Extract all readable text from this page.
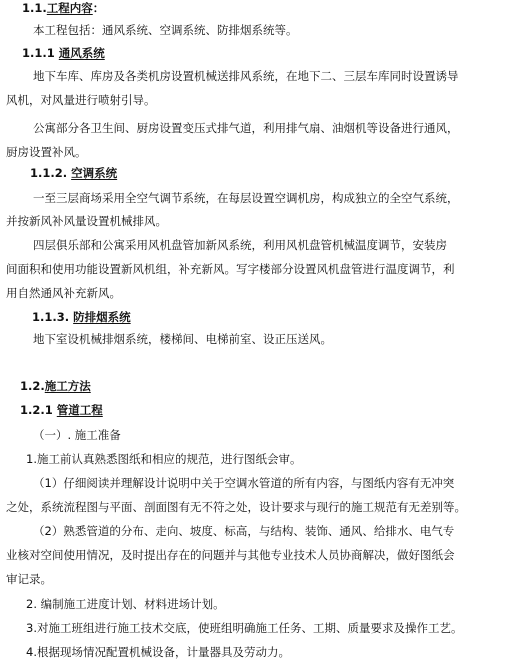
1.1.工程内容：
本工程包括：通风系统、空调系统、防排烟系统等。
1.1.1 通风系统
地下车库、库房及各类机房设置机械送排风系统，在地下二、三层车库同时设置诱导
风机，对风量进行喷射引导。
公寓部分各卫生间、厨房设置变压式排气道，利用排气扇、油烟机等设备进行通风，
厨房设置补风。
1.1.2. 空调系统
一至三层商场采用全空气调节系统，在每层设置空调机房，构成独立的全空气系统，
并按新风补风量设置机械排风。
四层俱乐部和公寓采用风机盘管加新风系统，利用风机盘管机械温度调节，安装房
间面积和使用功能设置新风机组，补充新风。写字楼部分设置风机盘管进行温度调节，利
用自然通风补充新风。
1.1.3. 防排烟系统
地下室设机械排烟系统，楼梯间、电梯前室、设正压送风。
1.2.施工方法
1.2.1 管道工程
（一）. 施工准备
1.施工前认真熟悉图纸和相应的规范，进行图纸会审。
（1）仔细阅读并理解设计说明中关于空调水管道的所有内容，与图纸内容有无冲突
之处，系统流程图与平面、剖面图有无不符之处，设计要求与现行的施工规范有无差别等。
（2）熟悉管道的分布、走向、坡度、标高，与结构、装饰、通风、给排水、电气专
业核对空间使用情况，及时提出存在的问题并与其他专业技术人员协商解决，做好图纸会
审记录。
2. 编制施工进度计划、材料进场计划。
3.对施工班组进行施工技术交底，使班组明确施工任务、工期、质量要求及操作工艺。
4.根据现场情况配置机械设备，计量器具及劳动力。
